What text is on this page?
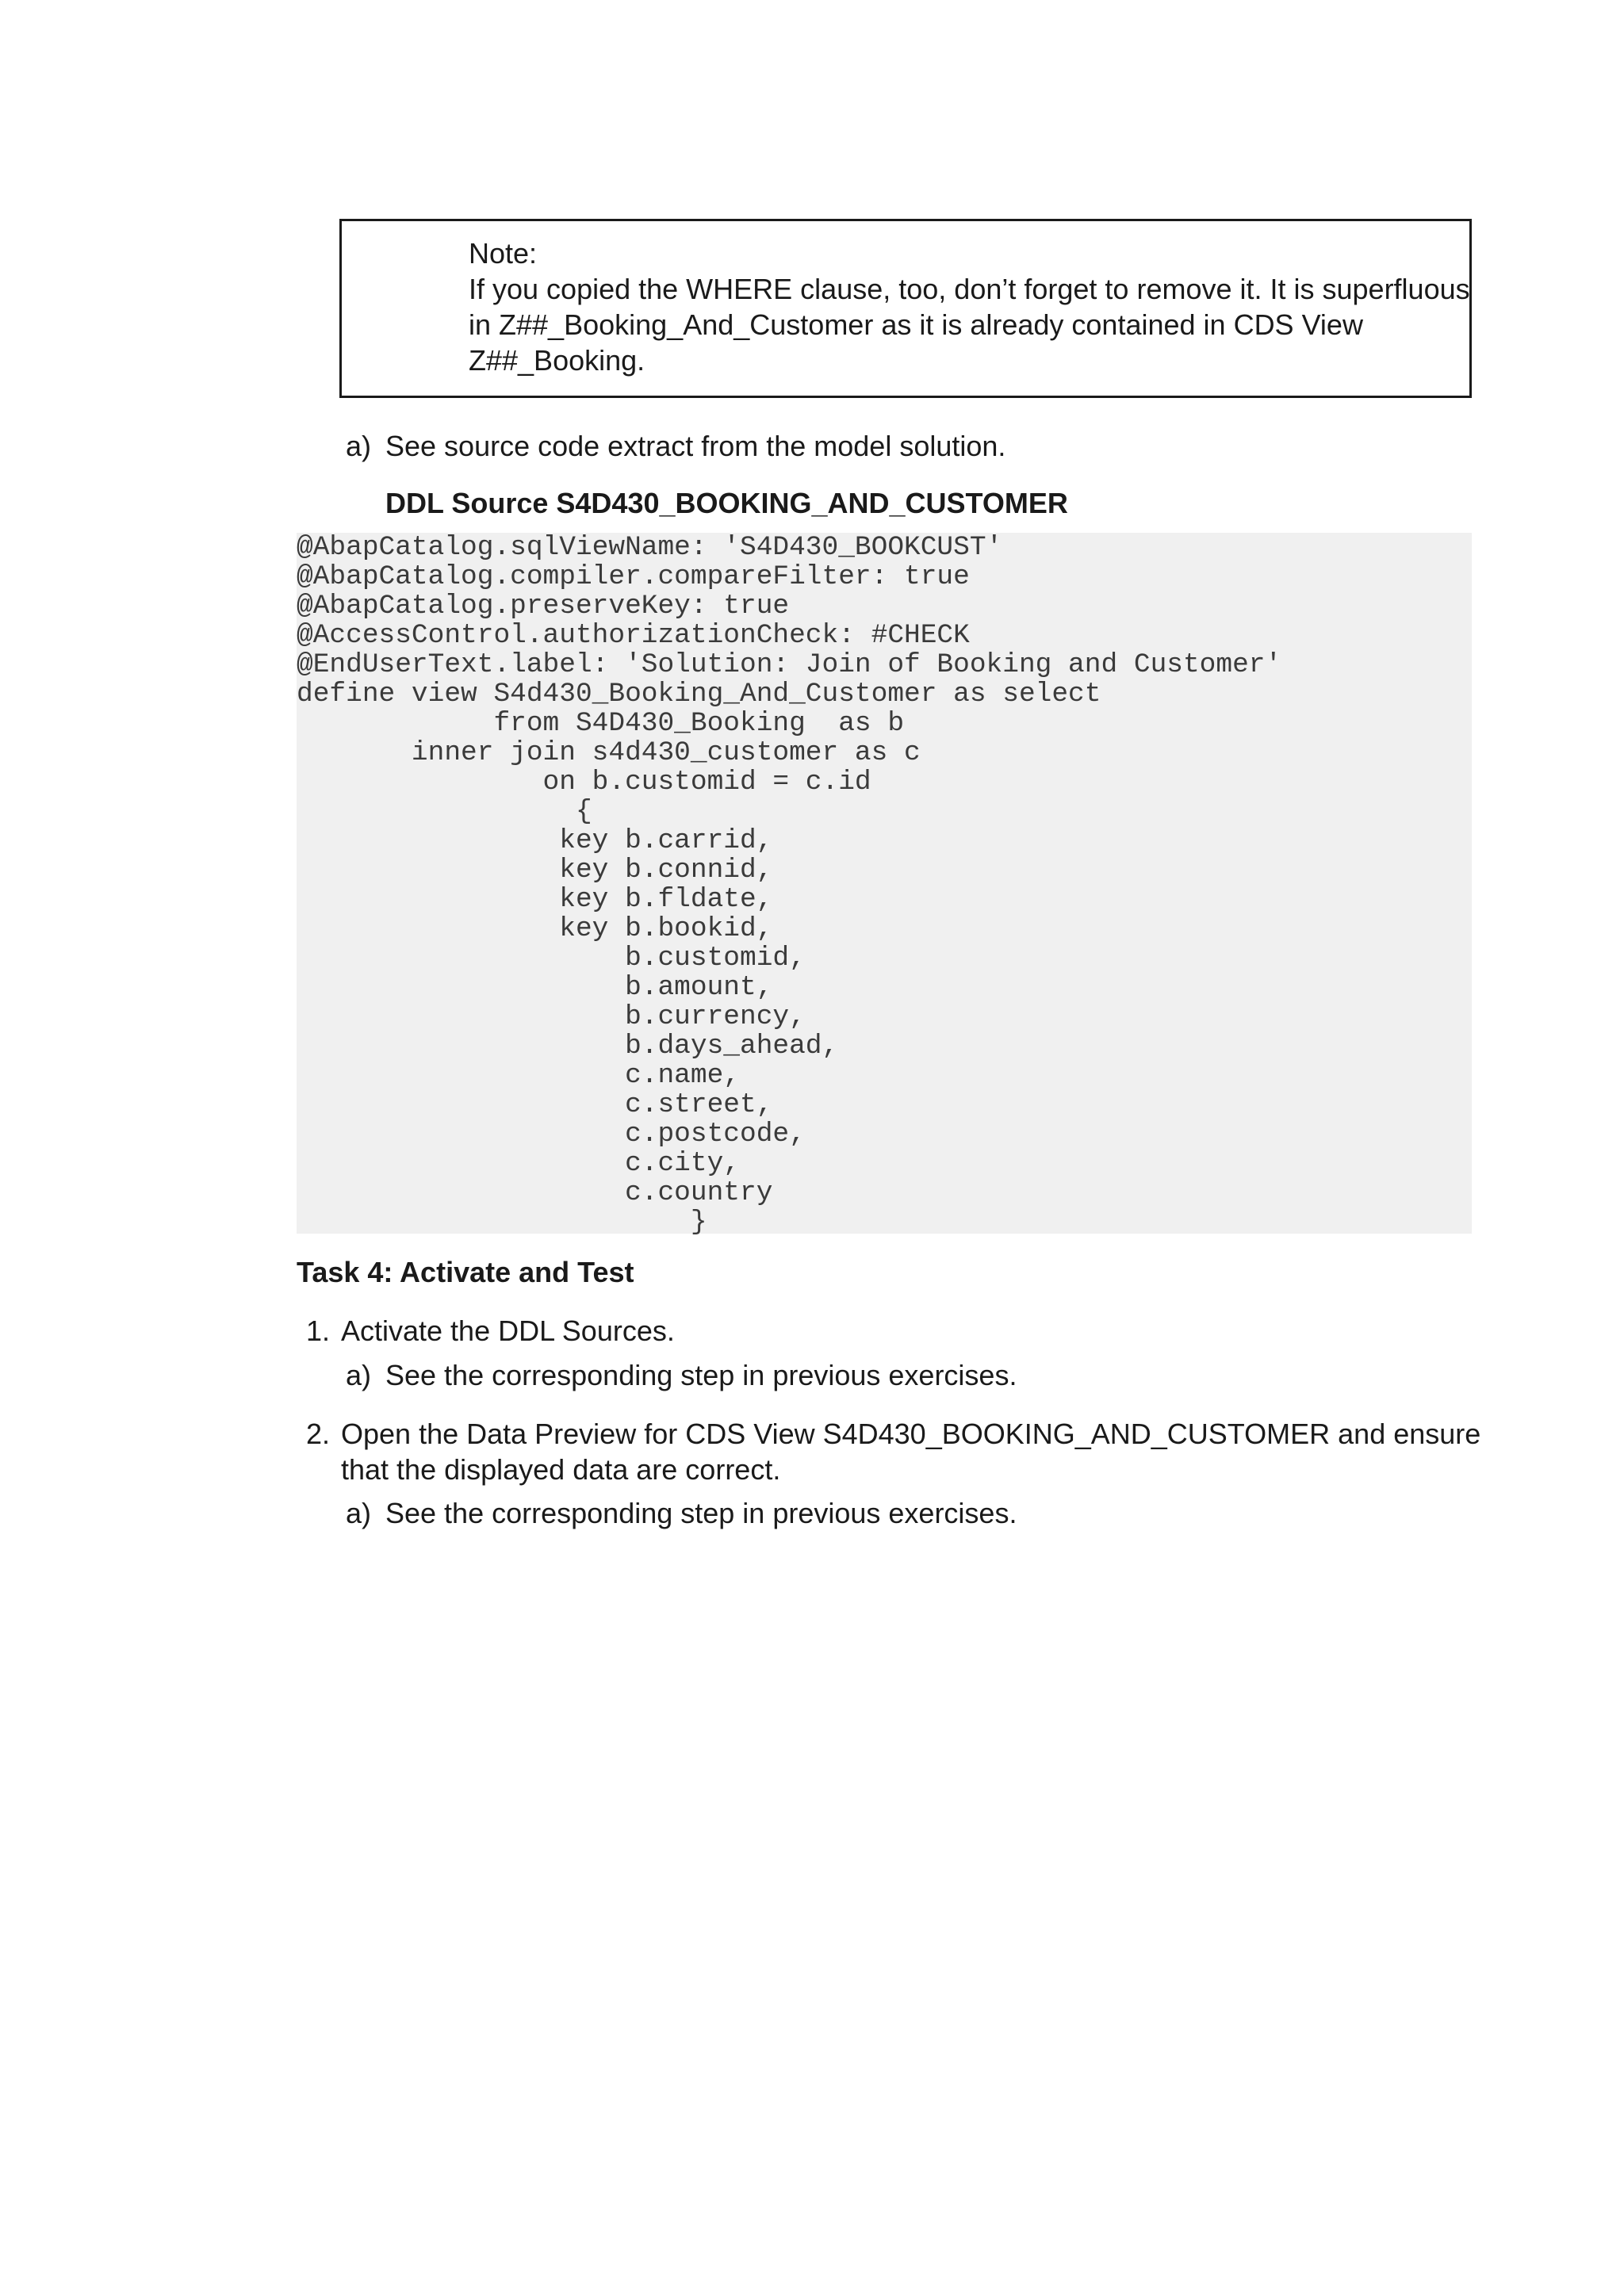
Note:
If you copied the WHERE clause, too, don’t forget to remove it. It is superfluous
in Z##_Booking_And_Customer as it is already contained in CDS View
Z##_Booking.
a) See source code extract from the model solution.
DDL Source S4D430_BOOKING_AND_CUSTOMER
@AbapCatalog.sqlViewName: 'S4D430_BOOKCUST'
@AbapCatalog.compiler.compareFilter: true
@AbapCatalog.preserveKey: true
@AccessControl.authorizationCheck: #CHECK
@EndUserText.label: 'Solution: Join of Booking and Customer'
define view S4d430_Booking_And_Customer as select
from S4D430_Booking  as b
inner join s4d430_customer as c
on b.customid = c.id
{
key b.carrid,
key b.connid,
key b.fldate,
key b.bookid,
b.customid,
b.amount,
b.currency,
b.days_ahead,
c.name,
c.street,
c.postcode,
c.city,
c.country
}
Task 4: Activate and Test
1. Activate the DDL Sources.
a) See the corresponding step in previous exercises.
2. Open the Data Preview for CDS View S4D430_BOOKING_AND_CUSTOMER and ensure
that the displayed data are correct.
a) See the corresponding step in previous exercises.
